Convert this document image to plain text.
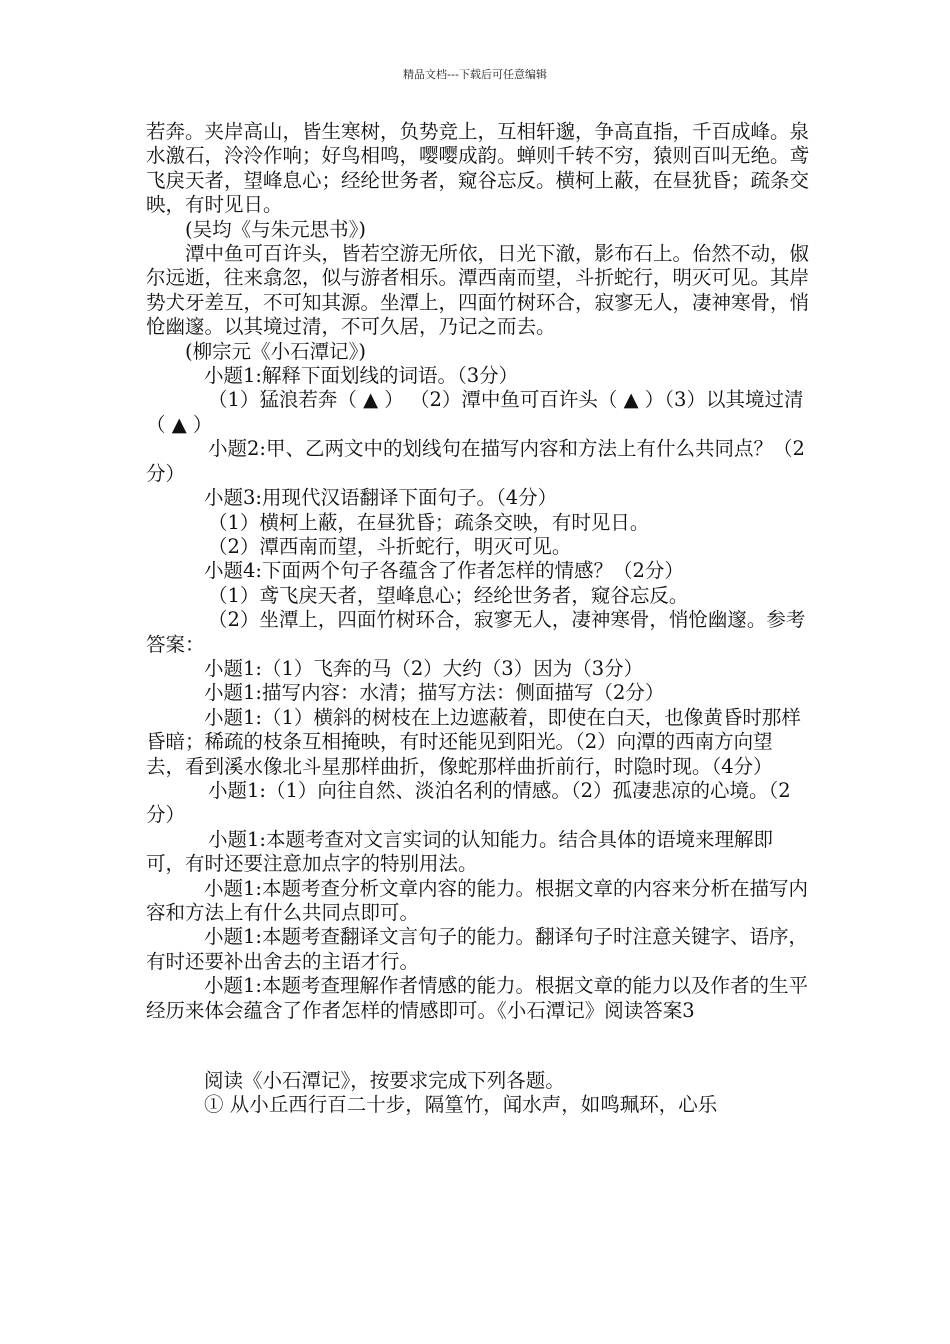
精品文档---下载后可任意编辑

若奔。夹岸高山，皆生寒树，负势竞上，互相轩邈，争高直指，千百成峰。泉水激石，泠泠作响；好鸟相鸣，嘤嘤成韵。蝉则千转不穷，猿则百叫无绝。鸢飞戾天者，望峰息心；经纶世务者，窥谷忘反。横柯上蔽，在昼犹昏；疏条交映，有时见日。

(吴均《与朱元思书》)

潭中鱼可百许头，皆若空游无所依，日光下澈，影布石上。佁然不动，俶尔远逝，往来翕忽，似与游者相乐。潭西南而望，斗折蛇行，明灭可见。其岸势犬牙差互，不可知其源。坐潭上，四面竹树环合，寂寥无人，凄神寒骨，悄怆幽邃。以其境过清，不可久居，乃记之而去。

(柳宗元《小石潭记》)

小题1:解释下面划线的词语。（3分）

（1）猛浪若奔（ ▲ ） （2）潭中鱼可百许头（ ▲ ）（3）以其境过清（ ▲ ）

小题2:甲、乙两文中的划线句在描写内容和方法上有什么共同点？（2分）

小题3:用现代汉语翻译下面句子。（4分）

（1）横柯上蔽，在昼犹昏；疏条交映，有时见日。

（2）潭西南而望，斗折蛇行，明灭可见。

小题4:下面两个句子各蕴含了作者怎样的情感？（2分）

（1）鸢飞戾天者，望峰息心；经纶世务者，窥谷忘反。

（2）坐潭上，四面竹树环合，寂寥无人，凄神寒骨，悄怆幽邃。参考答案：

小题1:（1）飞奔的马（2）大约（3）因为（3分）

小题1:描写内容：水清；描写方法：侧面描写（2分）

小题1:（1）横斜的树枝在上边遮蔽着，即使在白天，也像黄昏时那样昏暗；稀疏的枝条互相掩映，有时还能见到阳光。（2）向潭的西南方向望去，看到溪水像北斗星那样曲折，像蛇那样曲折前行，时隐时现。（4分）

小题1:（1）向往自然、淡泊名利的情感。（2）孤凄悲凉的心境。（2分）

小题1:本题考查对文言实词的认知能力。结合具体的语境来理解即可，有时还要注意加点字的特别用法。

小题1:本题考查分析文章内容的能力。根据文章的内容来分析在描写内容和方法上有什么共同点即可。

小题1:本题考查翻译文言句子的能力。翻译句子时注意关键字、语序，有时还要补出舍去的主语才行。

小题1:本题考查理解作者情感的能力。根据文章的能力以及作者的生平经历来体会蕴含了作者怎样的情感即可。《小石潭记》阅读答案3

阅读《小石潭记》，按要求完成下列各题。

① 从小丘西行百二十步，隔篁竹，闻水声，如鸣珮环，心乐
